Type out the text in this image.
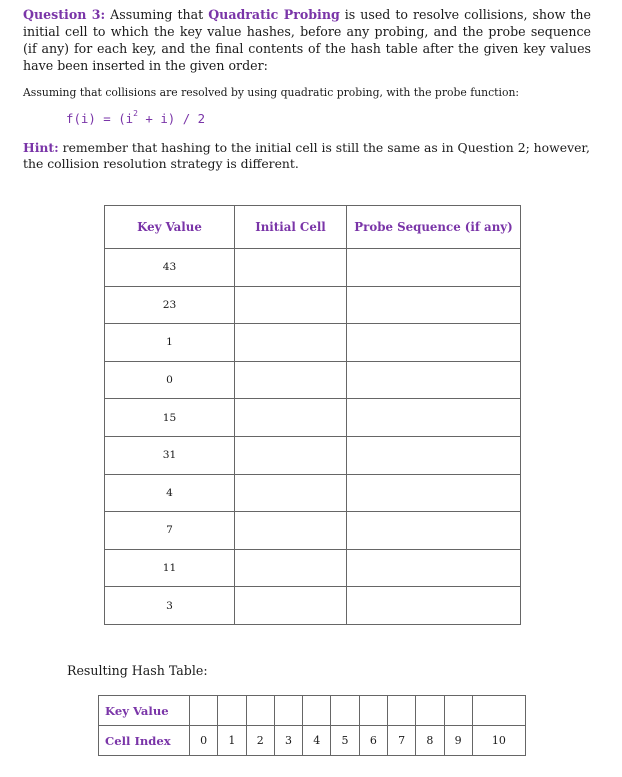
Question 3: Assuming that Quadratic Probing is used to resolve collisions, show the initial cell to which the key value hashes, before any probing, and the probe sequence (if any) for each key, and the final contents of the hash table after the given key values have been inserted in the given order:

Assuming that collisions are resolved by using quadratic probing, with the probe function:

$f(i) = (i^2 + i) / 2$

Hint: remember that hashing to the initial cell is still the same as in Question 2; however, the collision resolution strategy is different.

Key Value	Initial Cell	Probe Sequence (if any)
43		
23		
1		
0		
15		
31		
4		
7		
11		
3		

Resulting Hash Table:

Key Value											
Cell Index	0	1	2	3	4	5	6	7	8	9	10
